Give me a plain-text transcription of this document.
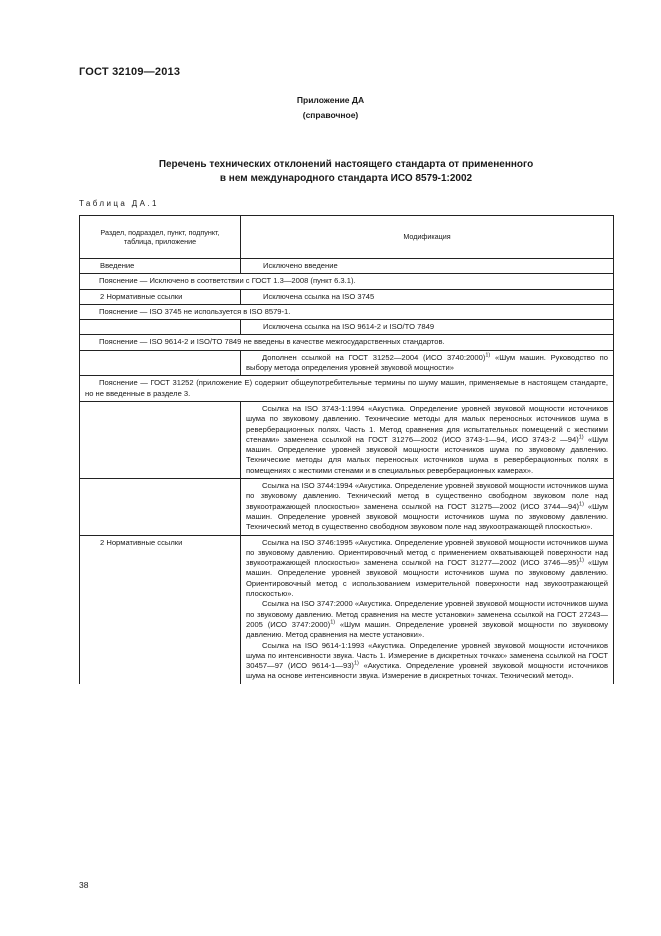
ГОСТ 32109—2013
Приложение ДА
(справочное)
Перечень технических отклонений настоящего стандарта от примененного
в нем международного стандарта ИСО 8579-1:2002
Таблица ДА.1
Раздел, подраздел, пункт, подпункт, таблица, приложение	Модификация
Введение	Исключено введение
Пояснение — Исключено в соответствии с ГОСТ 1.3—2008 (пункт 6.3.1).	
2 Нормативные ссылки	Исключена ссылка на ISO 3745
Пояснение — ISO 3745 не используется в ISO 8579-1.	
	Исключена ссылка на ISO 9614-2 и ISO/TO 7849
Пояснение — ISO 9614-2 и ISO/TO 7849 не введены в качестве межгосударственных стандартов.	
	Дополнен ссылкой на ГОСТ 31252—2004 (ИСО 3740:2000)$^{1)}$ «Шум машин. Руководство по выбору метода определения уровней звуковой мощности»
Пояснение — ГОСТ 31252 (приложение Е) содержит общеупотребительные термины по шуму машин, применяемые в настоящем стандарте, но не введенные в разделе 3.	
	Ссылка на ISO 3743-1:1994 «Акустика. Определение уровней звуковой мощности источников шума по звуковому давлению. Технические методы для малых переносных источников шума в реверберационных полях. Часть 1. Метод сравнения для испытательных помещений с жесткими стенами» заменена ссылкой на ГОСТ 31276—2002 (ИСО 3743-1—94, ИСО 3743-2 —94)$^{1)}$ «Шум машин. Определение уровней звуковой мощности источников шума по звуковому давлению. Технические методы для малых переносных источников шума в реверберационных полях в помещениях с жесткими стенами и в специальных реверберационных камерах».
	Ссылка на ISO 3744:1994 «Акустика. Определение уровней звуковой мощности источников шума по звуковому давлению. Технический метод в существенно свободном звуковом поле над звукоотражающей плоскостью» заменена ссылкой на ГОСТ 31275—2002 (ИСО 3744—94)$^{1)}$ «Шум машин. Определение уровней звуковой мощности источников шума по звуковому давлению. Технический метод в существенно свободном звуковом поле над звукоотражающей плоскостью».
2 Нормативные ссылки	Ссылка на ISO 3746:1995 «Акустика. Определение уровней звуковой мощности источников шума по звуковому давлению. Ориентировочный метод с применением охватывающей поверхности над звукоотражающей плоскостью» заменена ссылкой на ГОСТ 31277—2002 (ИСО 3746—95)$^{1)}$ «Шум машин. Определение уровней звуковой мощности источников шума по звуковому давлению. Ориентировочный метод с использованием измерительной поверхности над звукоотражающей плоскостью».

Ссылка на ISO 3747:2000 «Акустика. Определение уровней звуковой мощности источников шума по звуковому давлению. Метод сравнения на месте установки» заменена ссылкой на ГОСТ 27243—2005 (ИСО 3747:2000)$^{1)}$ «Шум машин. Определение уровней звуковой мощности по звуковому давлению. Метод сравнения на месте установки».

Ссылка на ISO 9614-1:1993 «Акустика. Определение уровней звуковой мощности источников шума по интенсивности звука. Часть 1. Измерение в дискретных точках» заменена ссылкой на ГОСТ 30457—97 (ИСО 9614-1—93)$^{1)}$ «Акустика. Определение уровней звуковой мощности источников шума на основе интенсивности звука. Измерение в дискретных точках. Технический метод».

38
